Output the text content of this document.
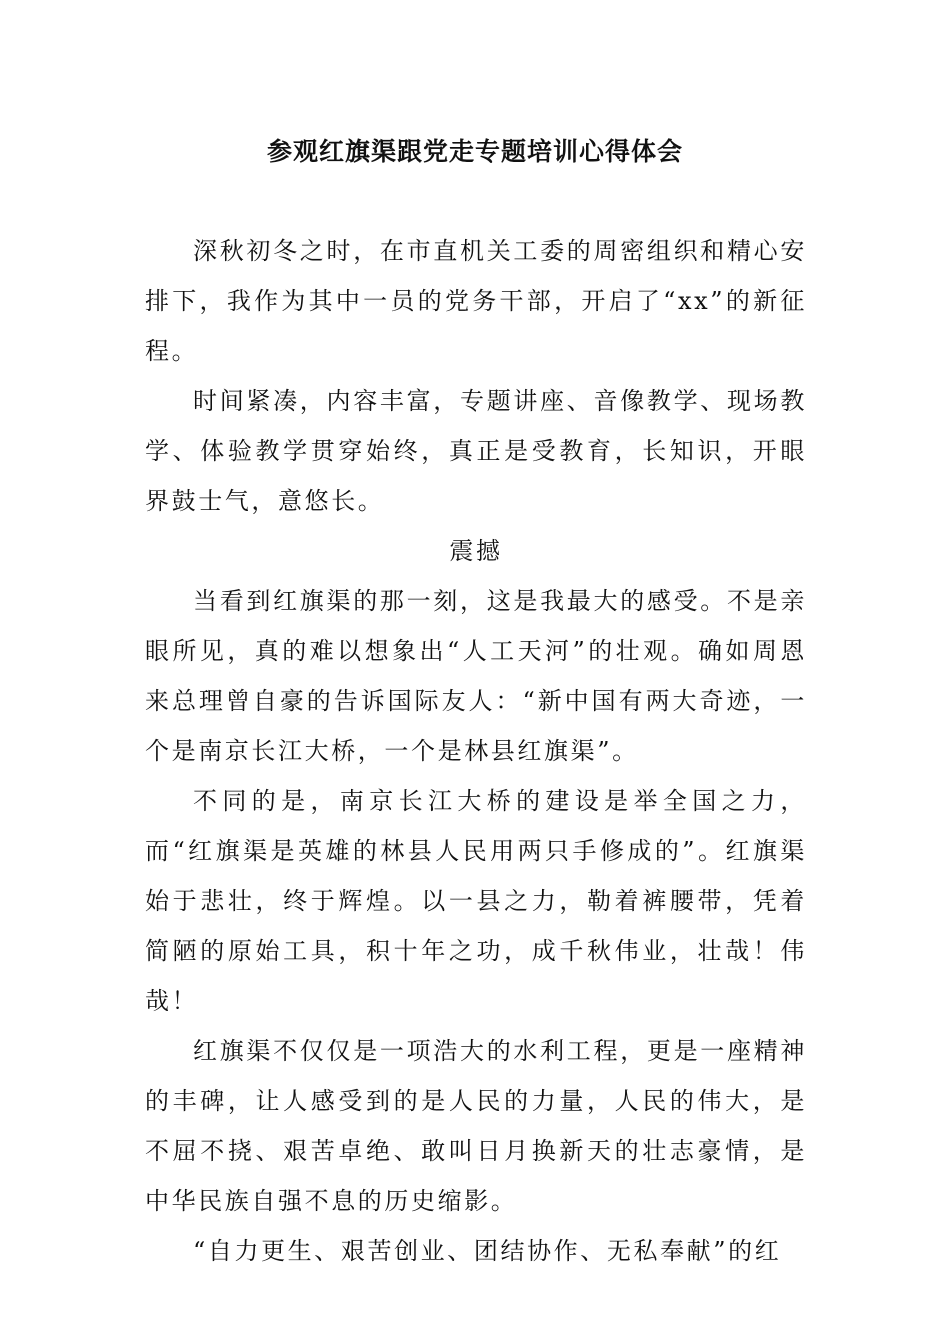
参观红旗渠跟党走专题培训心得体会

深秋初冬之时，在市直机关工委的周密组织和精心安排下，我作为其中一员的党务干部，开启了“xx”的新征程。

时间紧凑，内容丰富，专题讲座、音像教学、现场教学、体验教学贯穿始终，真正是受教育，长知识，开眼界鼓士气，意悠长。

震撼

当看到红旗渠的那一刻，这是我最大的感受。不是亲眼所见，真的难以想象出“人工天河”的壮观。确如周恩来总理曾自豪的告诉国际友人：“新中国有两大奇迹，一个是南京长江大桥，一个是林县红旗渠”。

不同的是，南京长江大桥的建设是举全国之力，而“红旗渠是英雄的林县人民用两只手修成的”。红旗渠始于悲壮，终于辉煌。以一县之力，勒着裤腰带，凭着简陋的原始工具，积十年之功，成千秋伟业，壮哉！伟哉！

红旗渠不仅仅是一项浩大的水利工程，更是一座精神的丰碑，让人感受到的是人民的力量，人民的伟大，是不屈不挠、艰苦卓绝、敢叫日月换新天的壮志豪情，是中华民族自强不息的历史缩影。

“自力更生、艰苦创业、团结协作、无私奉献”的红
